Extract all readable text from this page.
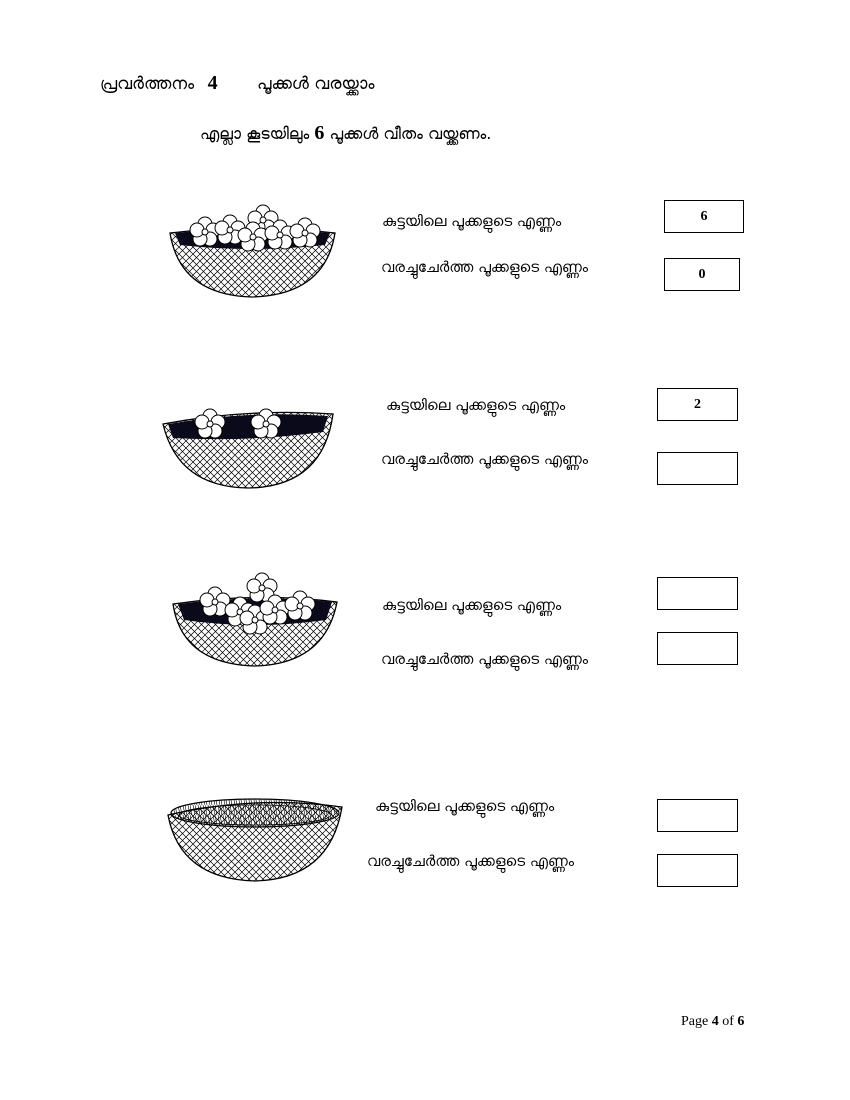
പ്രവർത്തനം 4 പൂക്കൾ വരയ്ക്കാം
എല്ലാ കൂടയിലും 6 പൂക്കൾ വീതം വയ്ക്കണം.
കുട്ടയിലെ പൂക്കളുടെ എണ്ണം	6
വരച്ചുചേർത്ത പൂക്കളുടെ എണ്ണം	0
കുട്ടയിലെ പൂക്കളുടെ എണ്ണം	2
വരച്ചുചേർത്ത പൂക്കളുടെ എണ്ണം
കുട്ടയിലെ പൂക്കളുടെ എണ്ണം
വരച്ചുചേർത്ത പൂക്കളുടെ എണ്ണം
കുട്ടയിലെ പൂക്കളുടെ എണ്ണം
വരച്ചുചേർത്ത പൂക്കളുടെ എണ്ണം
Page 4 of 6
